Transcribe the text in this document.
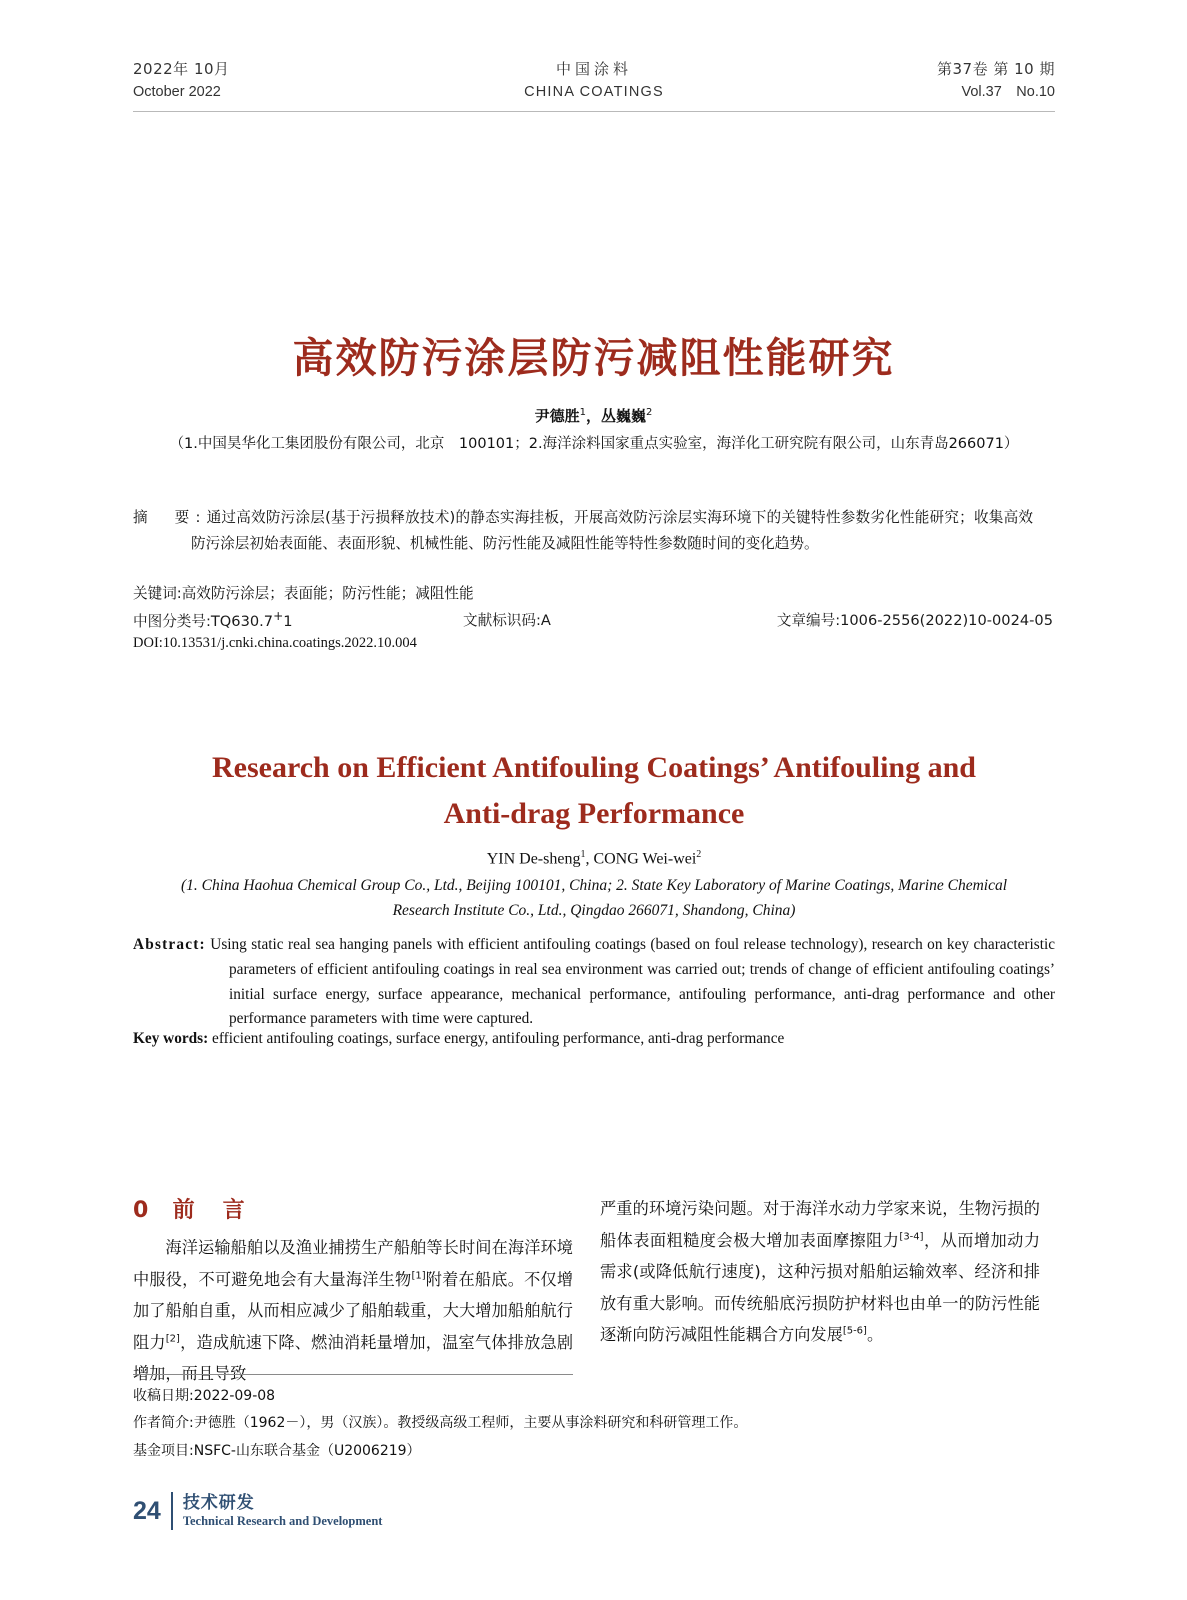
2022年 10月
October 2022
中国涂料
CHINA COATINGS
第37卷 第 10 期
Vol.37　No.10
高效防污涂层防污减阻性能研究
尹德胜$^1$，丛巍巍$^2$
（1.中国昊华化工集团股份有限公司，北京　100101；2.海洋涂料国家重点实验室，海洋化工研究院有限公司，山东青岛266071）
摘　要:通过高效防污涂层(基于污损释放技术)的静态实海挂板，开展高效防污涂层实海环境下的关键特性参数劣化性能研究；收集高效防污涂层初始表面能、表面形貌、机械性能、防污性能及减阻性能等特性参数随时间的变化趋势。
关键词:高效防污涂层；表面能；防污性能；减阻性能
中图分类号:TQ630.7+1	文献标识码:A	文章编号:1006-2556(2022)10-0024-05
DOI:10.13531/j.cnki.china.coatings.2022.10.004
Research on Efficient Antifouling Coatings’ Antifouling and
Anti-drag Performance
YIN De-sheng$^1$, CONG Wei-wei$^2$
(1. China Haohua Chemical Group Co., Ltd., Beijing 100101, China; 2. State Key Laboratory of Marine Coatings, Marine Chemical Research Institute Co., Ltd., Qingdao 266071, Shandong, China)

Abstract: Using static real sea hanging panels with efficient antifouling coatings (based on foul release technology), research on key characteristic parameters of efficient antifouling coatings in real sea environment was carried out; trends of change of efficient antifouling coatings’ initial surface energy, surface appearance, mechanical performance, antifouling performance, anti-drag performance and other performance parameters with time were captured.

Key words: efficient antifouling coatings, surface energy, antifouling performance, anti-drag performance
0 前　言

海洋运输船舶以及渔业捕捞生产船舶等长时间在海洋环境中服役，不可避免地会有大量海洋生物[1]附着在船底。不仅增加了船舶自重，从而相应减少了船舶载重，大大增加船舶航行阻力[2]，造成航速下降、燃油消耗量增加，温室气体排放急剧增加，而且导致

严重的环境污染问题。对于海洋水动力学家来说，生物污损的船体表面粗糙度会极大增加表面摩擦阻力[3-4]，从而增加动力需求(或降低航行速度)，这种污损对船舶运输效率、经济和排放有重大影响。而传统船底污损防护材料也由单一的防污性能逐渐向防污减阻性能耦合方向发展[5-6]。

收稿日期:2022-09-08
作者简介:尹德胜（1962－），男（汉族）。教授级高级工程师，主要从事涂料研究和科研管理工作。
基金项目:NSFC-山东联合基金（U2006219）
24 技术研发
Technical Research and Development
